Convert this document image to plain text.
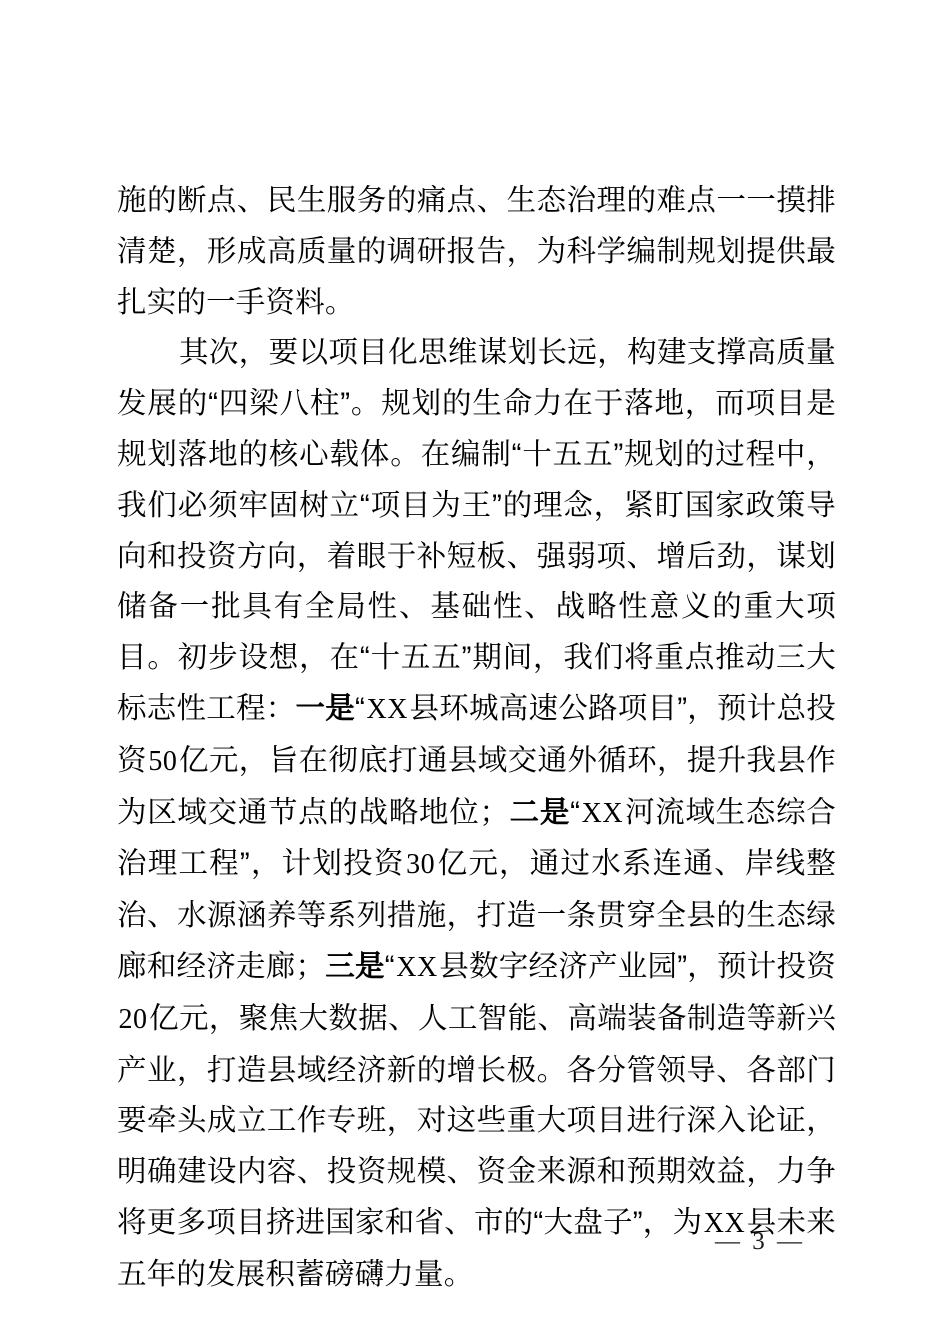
施的断点、民生服务的痛点、生态治理的难点一一摸排清楚，形成高质量的调研报告，为科学编制规划提供最扎实的一手资料。

其次，要以项目化思维谋划长远，构建支撑高质量发展的“四梁八柱”。规划的生命力在于落地，而项目是规划落地的核心载体。在编制“十五五”规划的过程中，我们必须牢固树立“项目为王”的理念，紧盯国家政策导向和投资方向，着眼于补短板、强弱项、增后劲，谋划储备一批具有全局性、基础性、战略性意义的重大项目。初步设想，在“十五五”期间，我们将重点推动三大标志性工程：一是“XX县环城高速公路项目”，预计总投资50亿元，旨在彻底打通县域交通外循环，提升我县作为区域交通节点的战略地位；二是“XX河流域生态综合治理工程”，计划投资30亿元，通过水系连通、岸线整治、水源涵养等系列措施，打造一条贯穿全县的生态绿廊和经济走廊；三是“XX县数字经济产业园”，预计投资20亿元，聚焦大数据、人工智能、高端装备制造等新兴产业，打造县域经济新的增长极。各分管领导、各部门要牵头成立工作专班，对这些重大项目进行深入论证，明确建设内容、投资规模、资金来源和预期效益，力争将更多项目挤进国家和省、市的“大盘子”，为XX县未来五年的发展积蓄磅礴力量。

— 3 —
